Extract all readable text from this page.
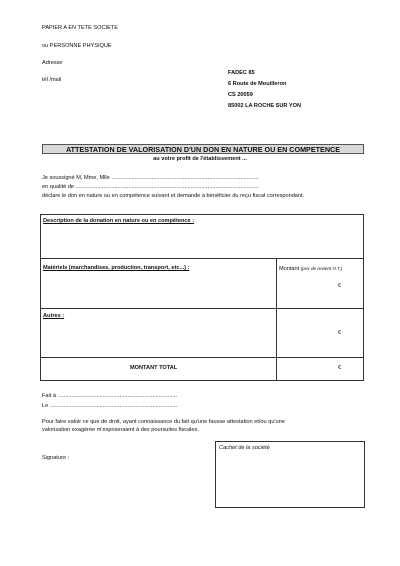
PAPIER A EN TETE SOCIETE
ou PERSONNE PHYSIQUE
Adresse
tél /mail
FADEC 85
6 Route de Mouilleron
CS 20059
85002 LA ROCHE SUR YON
ATTESTATION DE VALORISATION D'UN DON EN NATURE OU EN COMPETENCE
au votre profit de l'établissement ...
Je soussigné M, Mme, Mlle ...............................................................................................
en qualité de ......................................................................................................................
déclare le don en nature ou en compétence suivant et demande à bénéficier du reçu fiscal correspondant.
Description de la donation en nature ou en compétence :
Matériels (marchandises, production, transport, etc...) :	Montant (prix de revient H.T.)
€
Autres :
€
MONTANT TOTAL	€
Fait à .............................................................................
Le ..................................................................................
Pour faire valoir ce que de droit, ayant connaissance du fait qu'une fausse attestation et/ou qu'une
valorisation exagérée m'exposeraient à des poursuites fiscales.
Signature :
Cachet de la société
